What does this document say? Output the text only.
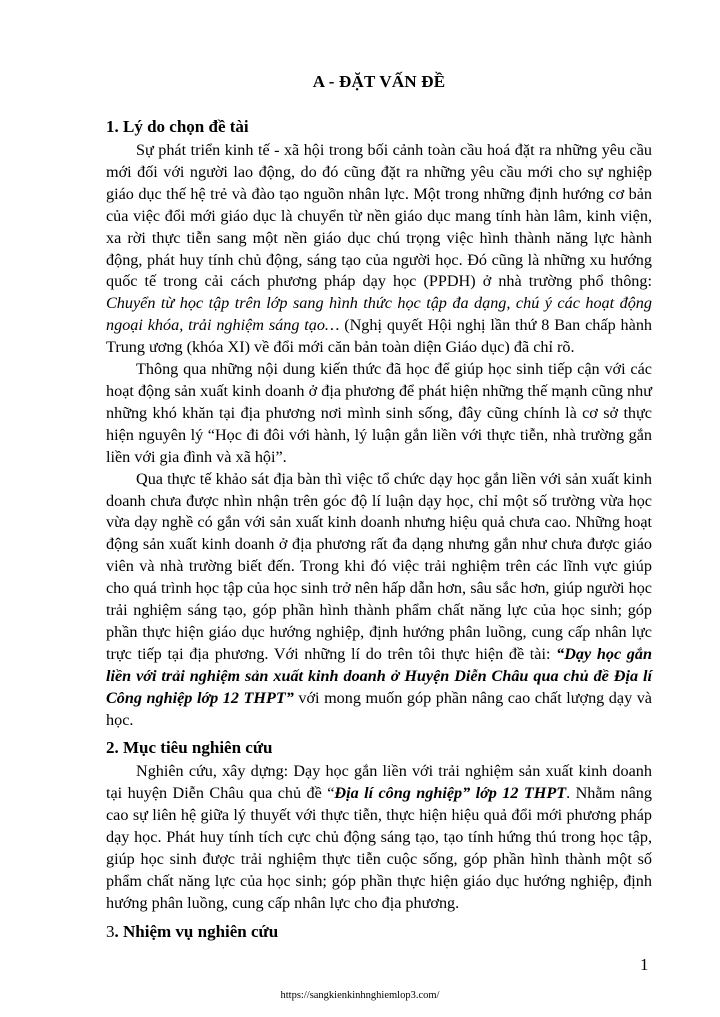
A - ĐẶT VẤN ĐỀ
1. Lý do chọn đề tài

Sự phát triển kinh tế - xã hội trong bối cảnh toàn cầu hoá đặt ra những yêu cầu mới đối với người lao động, do đó cũng đặt ra những yêu cầu mới cho sự nghiệp giáo dục thế hệ trẻ và đào tạo nguồn nhân lực. Một trong những định hướng cơ bản của việc đổi mới giáo dục là chuyển từ nền giáo dục mang tính hàn lâm, kinh viện, xa rời thực tiễn sang một nền giáo dục chú trọng việc hình thành năng lực hành động, phát huy tính chủ động, sáng tạo của người học. Đó cũng là những xu hướng quốc tế trong cải cách phương pháp dạy học (PPDH) ở nhà trường phổ thông: Chuyển từ học tập trên lớp sang hình thức học tập đa dạng, chú ý các hoạt động ngoại khóa, trải nghiệm sáng tạo… (Nghị quyết Hội nghị lần thứ 8 Ban chấp hành Trung ương (khóa XI) về đổi mới căn bản toàn diện Giáo dục) đã chỉ rõ.

Thông qua những nội dung kiến thức đã học để giúp học sinh tiếp cận với các hoạt động sản xuất kinh doanh ở địa phương để phát hiện những thế mạnh cũng như những khó khăn tại địa phương nơi mình sinh sống, đây cũng chính là cơ sở thực hiện nguyên lý “Học đi đôi với hành, lý luận gắn liền với thực tiễn, nhà trường gắn liền với gia đình và xã hội”.

Qua thực tế khảo sát địa bàn thì việc tổ chức dạy học gắn liền với sản xuất kinh doanh chưa được nhìn nhận trên góc độ lí luận dạy học, chỉ một số trường vừa học vừa dạy nghề có gắn với sản xuất kinh doanh nhưng hiệu quả chưa cao. Những hoạt động sản xuất kinh doanh ở địa phương rất đa dạng nhưng gắn như chưa được giáo viên và nhà trường biết đến. Trong khi đó việc trải nghiệm trên các lĩnh vực giúp cho quá trình học tập của học sinh trở nên hấp dẫn hơn, sâu sắc hơn, giúp người học trải nghiệm sáng tạo, góp phần hình thành phẩm chất năng lực của học sinh; góp phần thực hiện giáo dục hướng nghiệp, định hướng phân luồng, cung cấp nhân lực trực tiếp tại địa phương. Với những lí do trên tôi thực hiện đề tài: “Dạy học gắn liền với trải nghiệm sản xuất kinh doanh ở Huyện Diễn Châu qua chủ đề Địa lí Công nghiệp lớp 12 THPT” với mong muốn góp phần nâng cao chất lượng dạy và học.

2. Mục tiêu nghiên cứu

Nghiên cứu, xây dựng: Dạy học gắn liền với trải nghiệm sản xuất kinh doanh tại huyện Diễn Châu qua chủ đề “Địa lí công nghiệp” lớp 12 THPT. Nhằm nâng cao sự liên hệ giữa lý thuyết với thực tiễn, thực hiện hiệu quả đổi mới phương pháp dạy học. Phát huy tính tích cực chủ động sáng tạo, tạo tính hứng thú trong học tập, giúp học sinh được trải nghiệm thực tiễn cuộc sống, góp phần hình thành một số phẩm chất năng lực của học sinh; góp phần thực hiện giáo dục hướng nghiệp, định hướng phân luồng, cung cấp nhân lực cho địa phương.

3. Nhiệm vụ nghiên cứu
1
https://sangkienkinhnghiemlop3.com/
